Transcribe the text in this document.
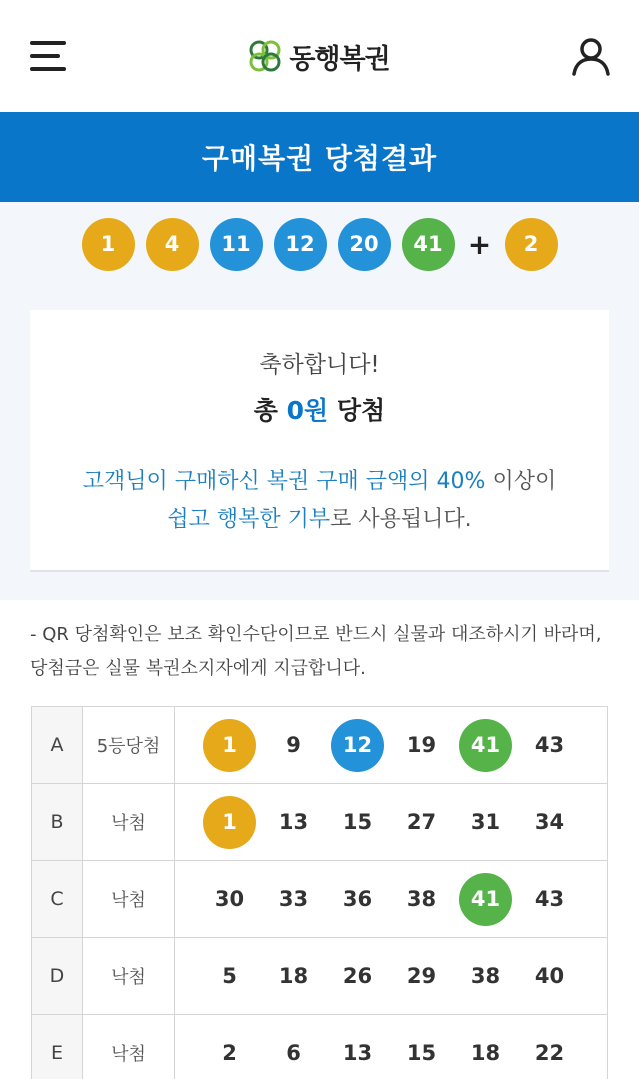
동행복권
구매복권 당첨결과
1	4	11	12	20	41 +	2
축하합니다!
총 0원 당첨
고객님이 구매하신 복권 구매 금액의 40% 이상이
쉽고 행복한 기부로 사용됩니다.
- QR 당첨확인은 보조 확인수단이므로 반드시 실물과 대조하시기 바라며, 당첨금은 실물 복권소지자에게 지급합니다.
A	5등당첨	1	9	12	19	41	43
B	낙첨	1	13	15	27	31	34
C	낙첨	30	33	36	38	41	43
D	낙첨	5	18	26	29	38	40
E	낙첨	2	6	13	15	18	22
